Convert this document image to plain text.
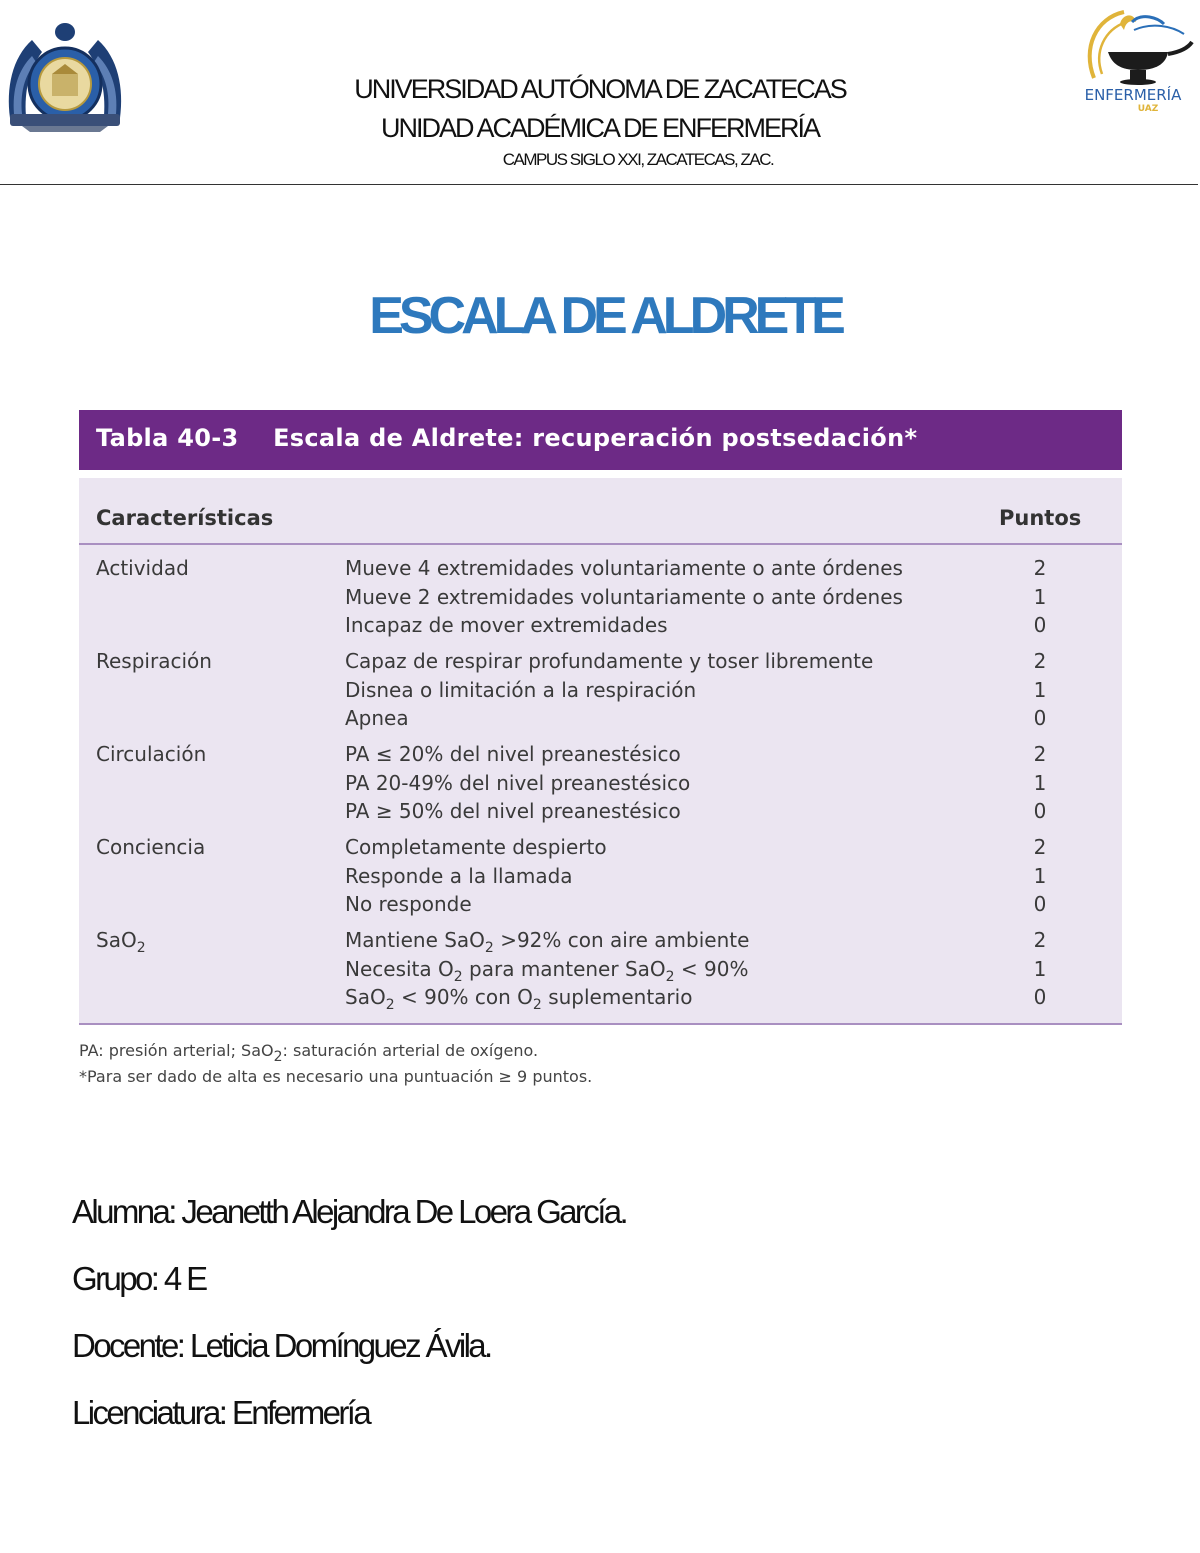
ENFERMERÍA
UAZ
UNIVERSIDAD AUTÓNOMA DE ZACATECAS
UNIDAD ACADÉMICA DE ENFERMERÍA
CAMPUS SIGLO XXI, ZACATECAS, ZAC.
ESCALA DE ALDRETE
Tabla 40-3    Escala de Aldrete: recuperación postsedación*
Características	Puntos
Actividad	Mueve 4 extremidades voluntariamente o ante órdenes	2
Mueve 2 extremidades voluntariamente o ante órdenes	1
Incapaz de mover extremidades	0
Respiración	Capaz de respirar profundamente y toser libremente	2
Disnea o limitación a la respiración	1
Apnea	0
Circulación	PA ≤ 20% del nivel preanestésico	2
PA 20-49% del nivel preanestésico	1
PA ≥ 50% del nivel preanestésico	0
Conciencia	Completamente despierto	2
Responde a la llamada	1
No responde	0
SaO$_2$	Mantiene SaO$_2$ >92% con aire ambiente	2
Necesita $O_2$ para mantener SaO$_2$ < 90%	1
SaO$_2$ < 90% con $O_2$ suplementario	0
PA: presión arterial; SaO$_2$: saturación arterial de oxígeno.
*Para ser dado de alta es necesario una puntuación ≥ 9 puntos.
Alumna: Jeanetth Alejandra De Loera García.
Grupo: 4 E
Docente: Leticia Domínguez Ávila.
Licenciatura: Enfermería
